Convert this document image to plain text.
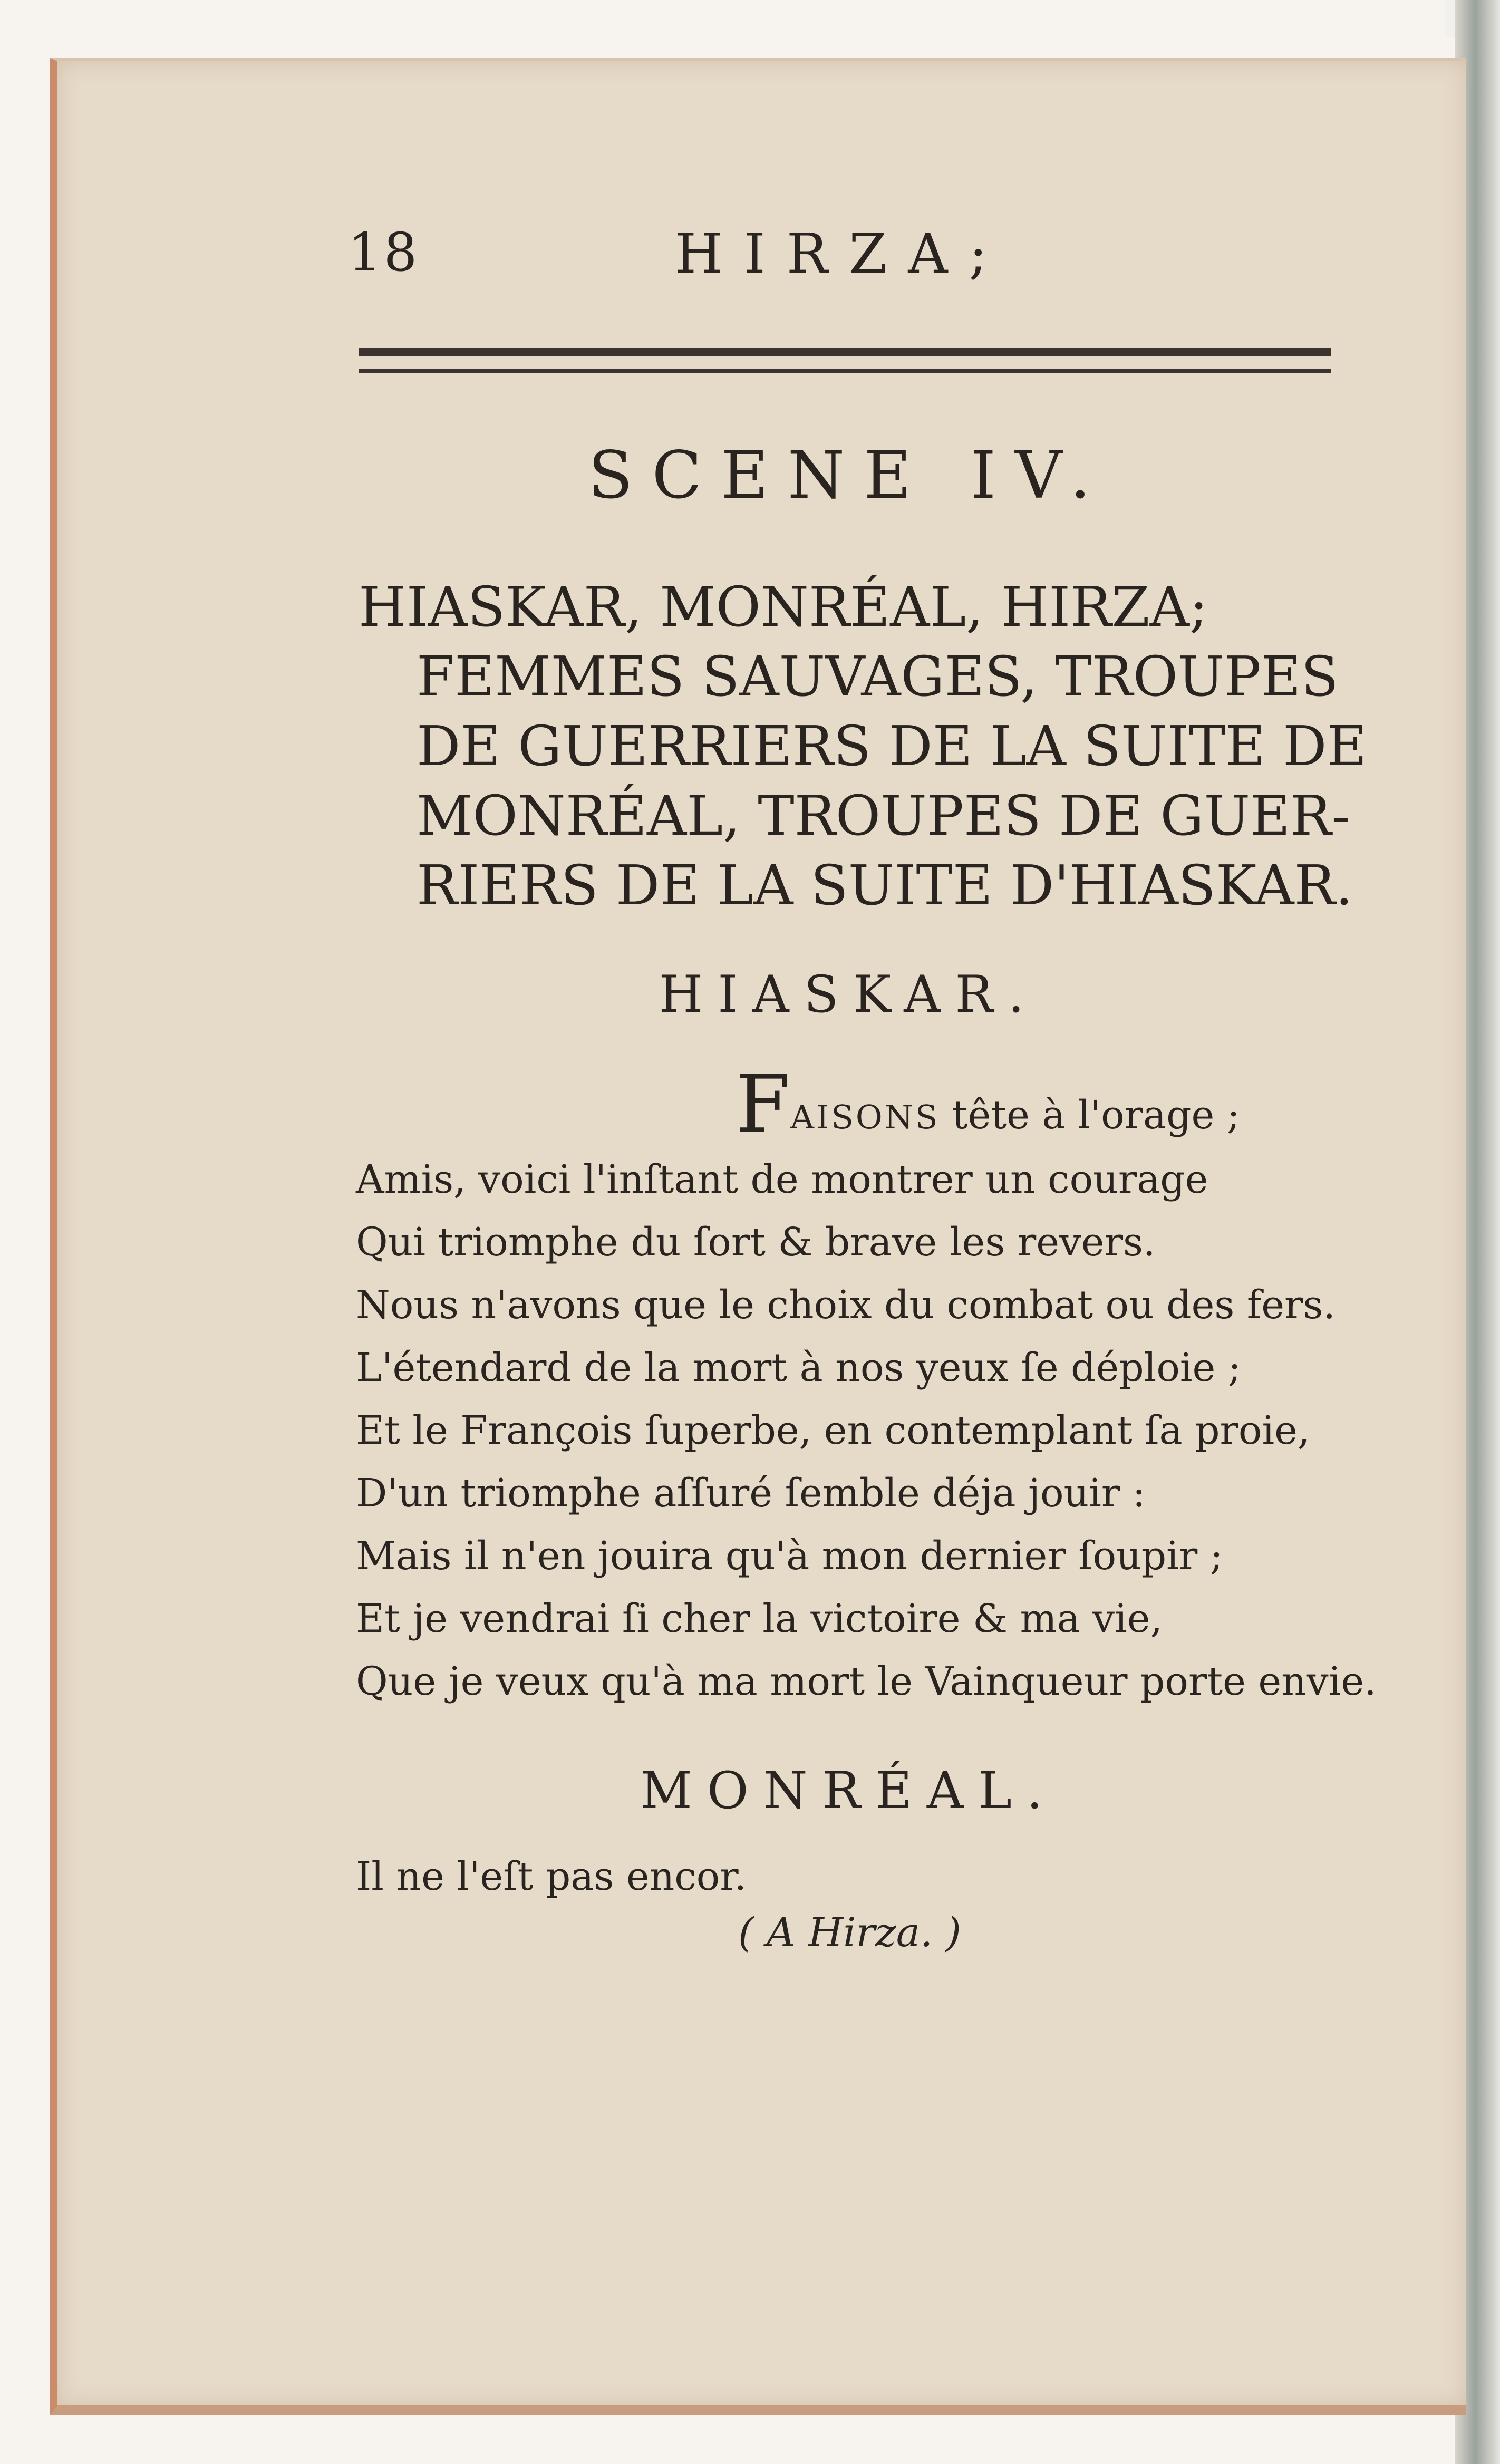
18	HIRZA;
SCENE IV.
HIASKAR, MONRÉAL, HIRZA;
FEMMES SAUVAGES, TROUPES
DE GUERRIERS DE LA SUITE DE
MONRÉAL, TROUPES DE GUER-
RIERS DE LA SUITE D'HIASKAR.
HIASKAR.
FAISONS tête à l'orage ;
Amis, voici l'inſtant de montrer un courage
Qui triomphe du ſort & brave les revers.
Nous n'avons que le choix du combat ou des fers.
L'étendard de la mort à nos yeux ſe déploie ;
Et le François ſuperbe, en contemplant ſa proie,
D'un triomphe aſſuré ſemble déja jouir :
Mais il n'en jouira qu'à mon dernier ſoupir ;
Et je vendrai ſi cher la victoire & ma vie,
Que je veux qu'à ma mort le Vainqueur porte envie.
MONRÉAL.
Il ne l'eſt pas encor.
( A Hirza. )
